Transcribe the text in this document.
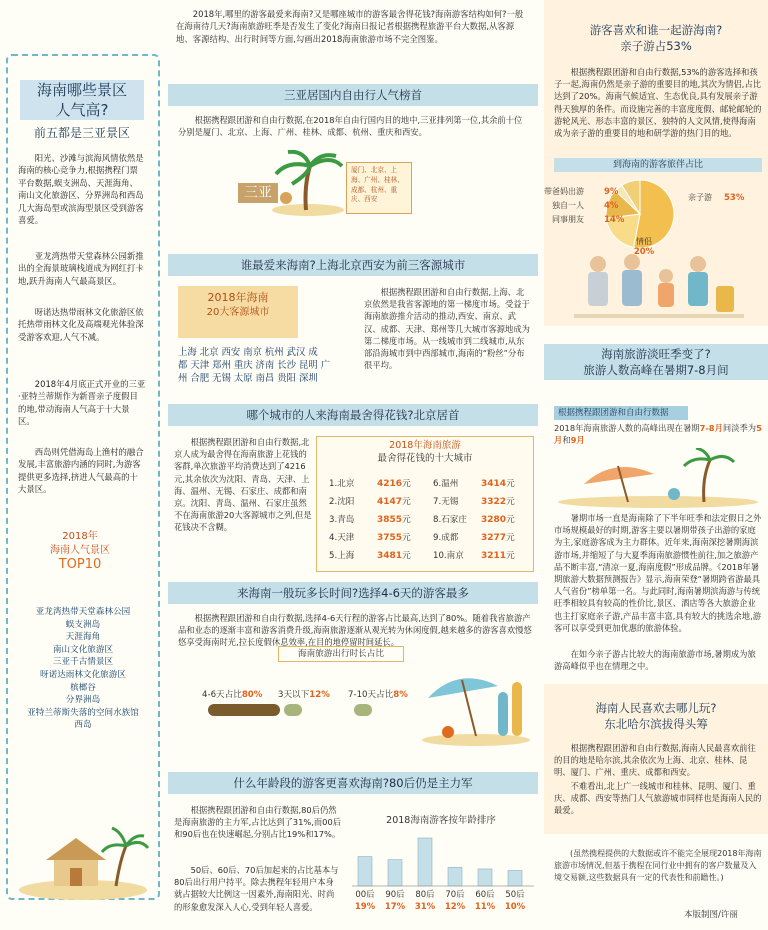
海南哪些景区
人气高?
前五都是三亚景区
阳光、沙滩与滨海风情依然是海南的核心竞争力,根据携程门票平台数据,蜈支洲岛、天涯海角、南山文化旅游区、分界洲岛和西岛几大海岛型或滨海型景区受到游客喜爱。
亚龙湾热带天堂森林公园新推出的全海景玻璃栈道成为网红打卡地,跃升海南人气最高景区。
呀诺达热带雨林文化旅游区依托热带雨林文化及高端观光体验深受游客欢迎,人气不减。
2018年4月底正式开业的三亚·亚特兰蒂斯作为新晋亲子度假目的地,带动海南人气高于十大景区。
西岛则凭借海岛上渔村的融合发展,丰富旅游内涵的同时,为游客提供更多选择,挤进人气最高的十大景区。
2018年
海南人气景区
TOP10
亚龙湾热带天堂森林公园
蜈支洲岛
天涯海角
南山文化旅游区
三亚千古情景区
呀诺达雨林文化旅游区
槟榔谷
分界洲岛
亚特兰蒂斯失落的空间水族馆
西岛
2018年,哪里的游客最爱来海南?又是哪座城市的游客最舍得花钱?海南游客结构如何?一般在海南待几天?海南旅游旺季是否发生了变化?海南日报记者根据携程旅游平台大数据,从客源地、客源结构、出行时间等方面,勾画出2018海南旅游市场不完全图鉴。
三亚居国内自由行人气榜首
根据携程跟团游和自由行数据,在2018年自由行国内目的地中,三亚排列第一位,其余前十位分别是厦门、北京、上海、广州、桂林、成都、杭州、重庆和西安。
三亚
厦门、北京、上海、广州、桂林、成都、杭州、重庆、西安
谁最爱来海南?上海北京西安为前三客源城市
2018年海南
20大客源城市
上海 北京 西安 南京 杭州 武汉 成
都 天津 郑州 重庆 济南 长沙 昆明 广
州 合肥 无锡 太原 南昌 贵阳 深圳
根据携程跟团游和自由行数据,上海、北京依然是我省客源地的第一梯度市场。受益于海南旅游推介活动的推动,西安、南京、武汉、成都、天津、郑州等几大城市客源地成为第二梯度市场。从一线城市到二线城市,从东部沿海城市到中西部城市,海南的“粉丝”分布很平均。
哪个城市的人来海南最舍得花钱?北京居首
根据携程跟团游和自由行数据,北京人成为最舍得在海南旅游上花钱的客群,单次旅游平均消费达到了4216元,其余依次为沈阳、青岛、天津、上海、温州、无锡、石家庄、成都和南京。沈阳、青岛、温州、石家庄虽然不在海南旅游20大客源城市之列,但是花钱决不含糊。
2018年海南旅游
最舍得花钱的十大城市
1.北京	4216元
2.沈阳	4147元
3.青岛	3855元
4.天津	3755元
5.上海	3481元
6.温州	3414元
7.无锡	3322元
8.石家庄 3280元
9.成都	3277元
10.南京 3211元
来海南一般玩多长时间?选择4-6天的游客最多
根据携程跟团游和自由行数据,选择4-6天行程的游客占比最高,达到了80%。随着我省旅游产品和业态的逐渐丰富和游客消费升级,海南旅游逐渐从观光转为休闲度假,越来越多的游客喜欢慢悠悠享受海南时光,拉长度假休息效率,在目的地停留时间延长。
海南旅游出行时长占比
4-6天占比80% 3天以下12% 7-10天占比8%
什么年龄段的游客更喜欢海南?80后仍是主力军
根据携程跟团游和自由行数据,80后仍然是海南旅游的主力军,占比达到了31%,而00后和90后也在快速崛起,分别占比19%和17%。
50后、60后、70后加起来的占比基本与80后出行用户持平。除去携程年轻用户本身就占据较大比例这一因素外,海南阳光、时尚的形象愈发深入人心,受到年轻人喜爱。
2018海南游客按年龄排序
00后
19%
90后
17%
80后
31%
70后
12%
60后
11%
50后
10%
游客喜欢和谁一起游海南?
亲子游占53%
根据携程跟团游和自由行数据,53%的游客选择和孩子一起,海南仍然是亲子游的重要目的地,其次为情侣,占比达到了20%。海南气候适宜、生态优良,具有发展亲子游得天独厚的条件。而设施完善的丰富度度假、邮轮邮轮的游轮风光、形态丰富的景区、独特的人文风情,使得海南成为亲子游的重要目的地和研学游的热门目的地。
到海南的游客旅伴占比
亲子游 53%
情侣
20%
同事朋友 14%
独自一人 4%
带爸妈出游 9%
海南旅游淡旺季变了?
旅游人数高峰在暑期7-8月间
根据携程跟团游和自由行数据
2018年海南旅游人数的高峰出现在暑期7-8月间淡季为5月和9月
暑期市场一直是海南除了下半年旺季和法定假日之外市场规模最好的时期,游客主要以暑期带孩子出游的家庭为主,家庭游客成为主力群体。近年来,海南深挖暑期海滨游市场,并缩短了与大夏季海南旅游惯性前往,加之旅游产品不断丰富,“清凉一夏,海南度假”形成品牌。《2018年暑期旅游大数据预测报告》显示,海南荣登“暑期跨省游最具人气省份”榜单第一名。与此同时,海南暑期滨海游与传统旺季相较具有较高的性价比,景区、酒店等各大旅游企业也主打家庭亲子游,产品丰富丰富,具有较大的挑选余地,游客可以享受到更加优惠的旅游体验。
在如今亲子游占比较大的海南旅游市场,暑期成为旅游高峰似乎也在情理之中。
海南人民喜欢去哪儿玩?
东北哈尔滨拔得头筹
根据携程跟团游和自由行数据,海南人民最喜欢前往的目的地是哈尔滨,其余依次为上海、北京、桂林、昆明、厦门、广州、重庆、成都和西安。
不难看出,北上广一线城市和桂林、昆明、厦门、重庆、成都、西安等热门人气旅游城市同样也是海南人民的最爱。
(虽然携程提供的大数据或许不能完全展现2018年海南旅游市场情况,但基于携程在同行业中拥有的客户数量及入境交易额,这些数据具有一定的代表性和前瞻性。)
本版制图/许丽
